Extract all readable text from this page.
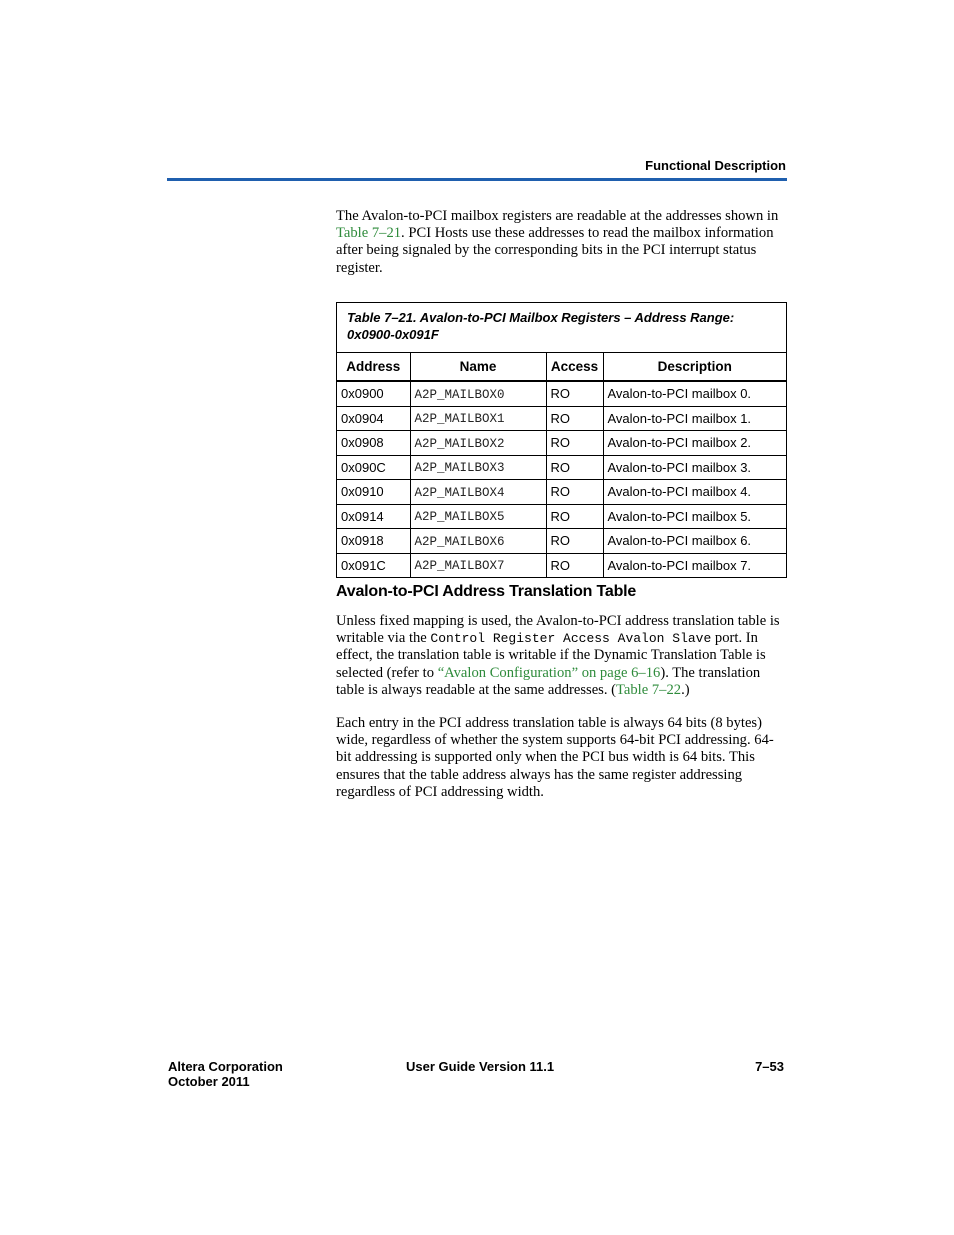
Functional Description

The Avalon-to-PCI mailbox registers are readable at the addresses shown in Table 7–21. PCI Hosts use these addresses to read the mailbox information after being signaled by the corresponding bits in the PCI interrupt status register.

Table 7–21. Avalon-to-PCI Mailbox Registers – Address Range: 0x0900-0x091F
Address	Name	Access	Description
0x0900	A2P_MAILBOX0	RO	Avalon-to-PCI mailbox 0.
0x0904	A2P_MAILBOX1	RO	Avalon-to-PCI mailbox 1.
0x0908	A2P_MAILBOX2	RO	Avalon-to-PCI mailbox 2.
0x090C	A2P_MAILBOX3	RO	Avalon-to-PCI mailbox 3.
0x0910	A2P_MAILBOX4	RO	Avalon-to-PCI mailbox 4.
0x0914	A2P_MAILBOX5	RO	Avalon-to-PCI mailbox 5.
0x0918	A2P_MAILBOX6	RO	Avalon-to-PCI mailbox 6.
0x091C	A2P_MAILBOX7	RO	Avalon-to-PCI mailbox 7.
Avalon-to-PCI Address Translation Table

Unless fixed mapping is used, the Avalon-to-PCI address translation table is writable via the Control Register Access Avalon Slave port. In effect, the translation table is writable if the Dynamic Translation Table is selected (refer to “Avalon Configuration” on page 6–16). The translation table is always readable at the same addresses. (Table 7–22.)

Each entry in the PCI address translation table is always 64 bits (8 bytes) wide, regardless of whether the system supports 64-bit PCI addressing. 64-bit addressing is supported only when the PCI bus width is 64 bits. This ensures that the table address always has the same register addressing regardless of PCI addressing width.

Altera Corporation
October 2011
User Guide Version 11.1	7–53
